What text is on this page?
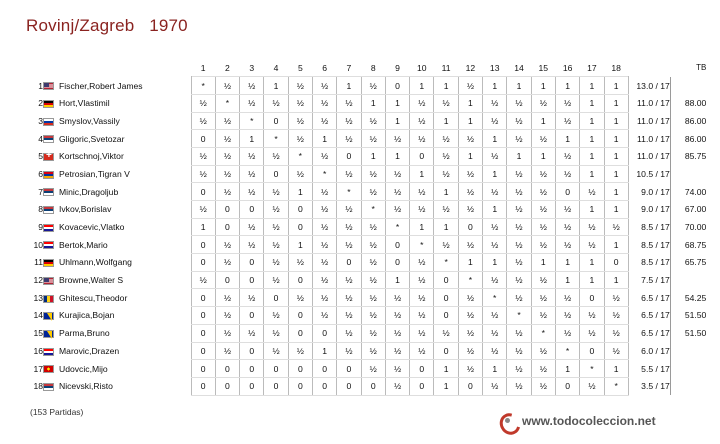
Rovinj/Zagreb   1970
			1	2	3	4	5	6	7	8	9	10	11	12	13	14	15	16	17	18		TB
1		Fischer,Robert James	*	½	½	1	½	½	1	½	0	1	1	½	1	1	1	1	1	1	13.0 / 17	
2		Hort,Vlastimil	½	*	½	½	½	½	½	1	1	½	½	1	½	½	½	½	1	1	11.0 / 17	88.00
3		Smyslov,Vassily	½	½	*	0	½	½	½	½	1	½	1	1	½	½	1	½	1	1	11.0 / 17	86.00
4		Gligoric,Svetozar	0	½	1	*	½	1	½	½	½	½	½	½	1	½	½	1	1	1	11.0 / 17	86.00
5	+	Kortschnoj,Viktor	½	½	½	½	*	½	0	1	1	0	½	1	½	1	1	½	1	1	11.0 / 17	85.75
6		Petrosian,Tigran V	½	½	½	0	½	*	½	½	½	1	½	½	1	½	½	½	1	1	10.5 / 17	
7		Minic,Dragoljub	0	½	½	½	1	½	*	½	½	½	1	½	½	½	½	0	½	1	9.0 / 17	74.00
8		Ivkov,Borislav	½	0	0	½	0	½	½	*	½	½	½	½	1	½	½	½	1	1	9.0 / 17	67.00
9		Kovacevic,Vlatko	1	0	½	½	0	½	½	½	*	1	1	0	½	½	½	½	½	½	8.5 / 17	70.00
10		Bertok,Mario	0	½	½	½	1	½	½	½	0	*	½	½	½	½	½	½	½	1	8.5 / 17	68.75
11		Uhlmann,Wolfgang	0	½	0	½	½	½	0	½	0	½	*	1	1	½	1	1	1	0	8.5 / 17	65.75
12		Browne,Walter S	½	0	0	½	0	½	½	½	1	½	0	*	½	½	½	1	1	1	7.5 / 17	
13		Ghitescu,Theodor	0	½	½	0	½	½	½	½	½	½	0	½	*	½	½	½	0	½	6.5 / 17	54.25
14		Kurajica,Bojan	0	½	0	½	0	½	½	½	½	½	0	½	½	*	½	½	½	½	6.5 / 17	51.50
15		Parma,Bruno	0	½	½	½	0	0	½	½	½	½	½	½	½	½	*	½	½	½	6.5 / 17	51.50
16		Marovic,Drazen	0	½	0	½	½	1	½	½	½	½	0	½	½	½	½	*	0	½	6.0 / 17	
17		Udovcic,Mijo	0	0	0	0	0	0	0	½	½	0	1	½	1	½	½	1	*	1	5.5 / 17	
18		Nicevski,Risto	0	0	0	0	0	0	0	0	½	0	1	0	½	½	½	0	½	*	3.5 / 17	
(153 Partidas)
www.todocoleccion.net
